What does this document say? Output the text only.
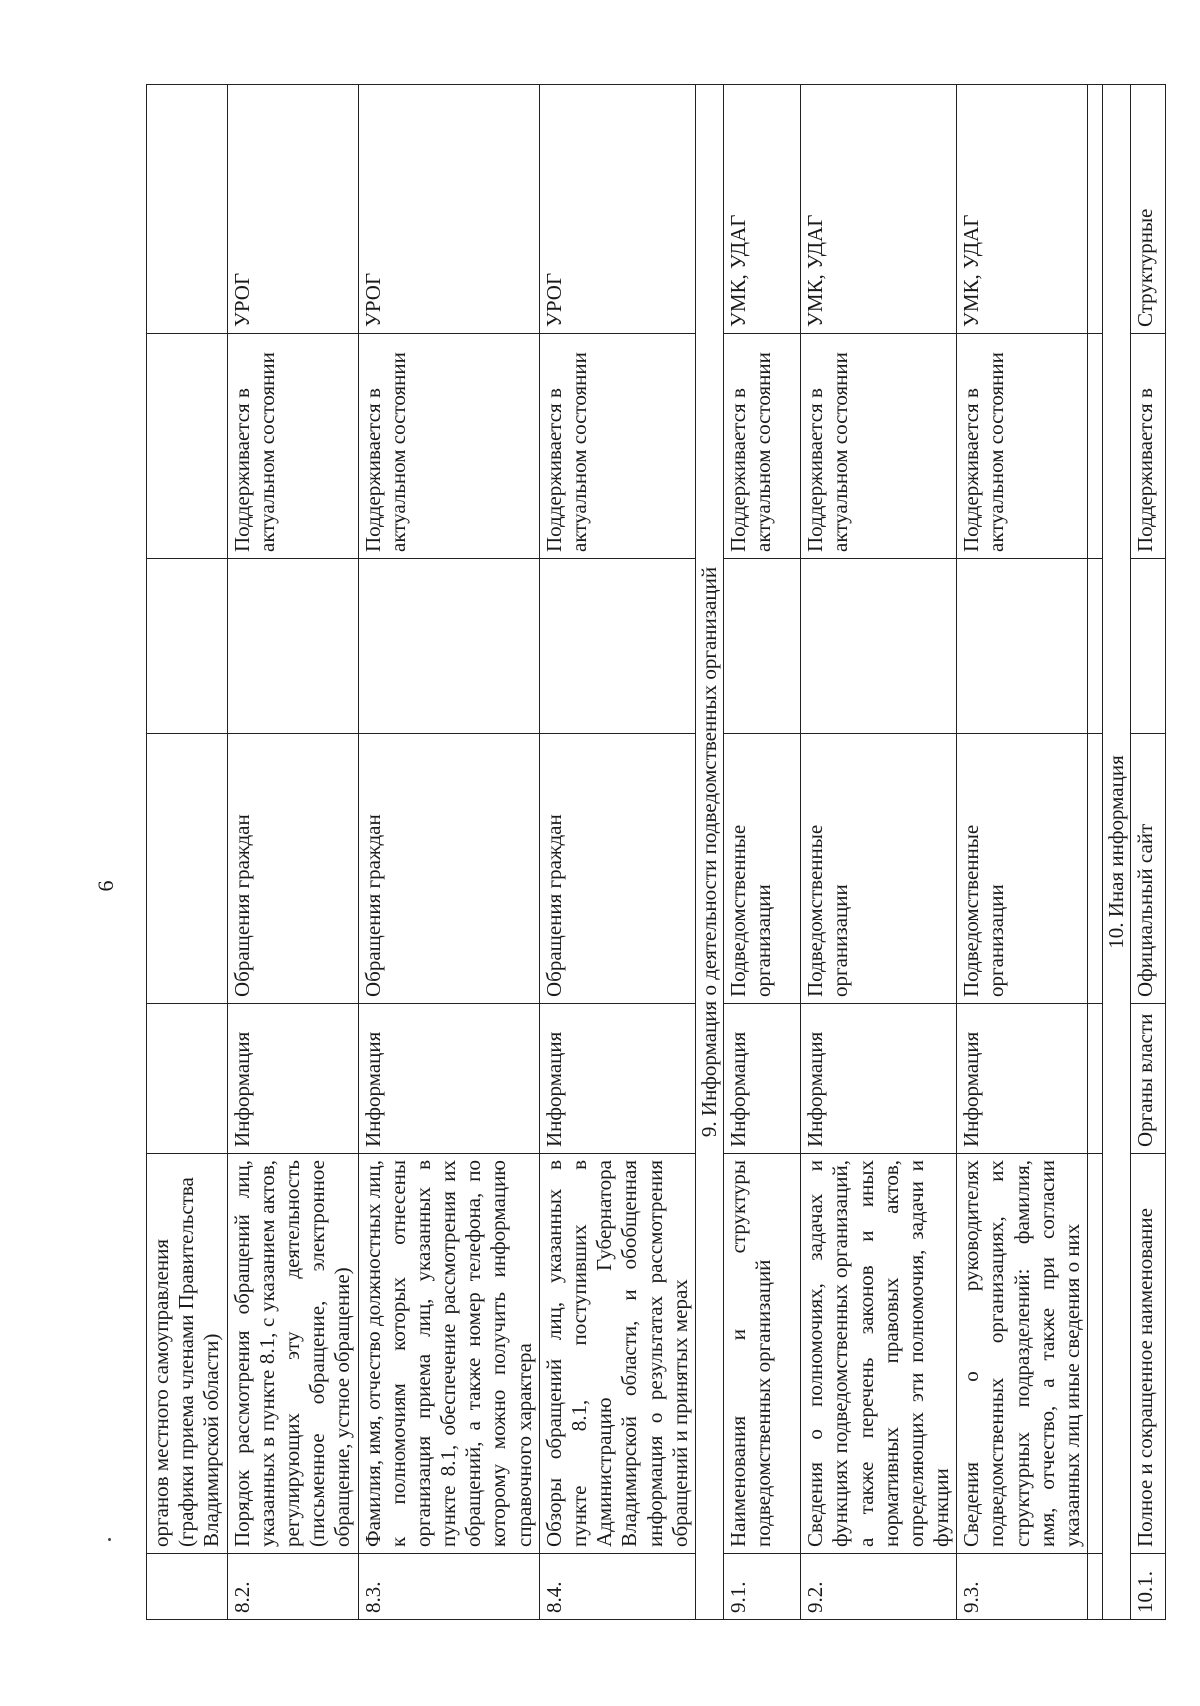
6
	органов местного самоуправления (графики приема членами Правительства Владимирской области)					
8.2.	Порядок рассмотрения обращений лиц, указанных в пункте 8.1, с указанием актов, регулирующих эту деятельность (письменное обращение, электронное обращение, устное обращение)	Информация	Обращения граждан		Поддерживается в актуальном состоянии	УРОГ
8.3.	Фамилия, имя, отчество должностных лиц, к полномочиям которых отнесены организация приема лиц, указанных в пункте 8.1, обеспечение рассмотрения их обращений, а также номер телефона, по которому можно получить информацию справочного характера	Информация	Обращения граждан		Поддерживается в актуальном состоянии	УРОГ
8.4.	Обзоры обращений лиц, указанных в пункте 8.1, поступивших в Администрацию Губернатора Владимирской области, и обобщенная информация о результатах рассмотрения обращений и принятых мерах	Информация	Обращения граждан		Поддерживается в актуальном состоянии	УРОГ
9. Информация о деятельности подведомственных организаций						
9.1.	Наименования и структуры подведомственных организаций	Информация	Подведомственные организации		Поддерживается в актуальном состоянии	УМК, УДАГ
9.2.	Сведения о полномочиях, задачах и функциях подведомственных организаций, а также перечень законов и иных нормативных правовых актов, определяющих эти полномочия, задачи и функции	Информация	Подведомственные организации		Поддерживается в актуальном состоянии	УМК, УДАГ
9.3.	Сведения о руководителях подведомственных организациях, их структурных подразделений: фамилия, имя, отчество, а также при согласии указанных лиц иные сведения о них	Информация	Подведомственные организации		Поддерживается в актуальном состоянии	УМК, УДАГ

10. Иная информация						
10.1.	Полное и сокращенное наименование	Органы власти	Официальный сайт		Поддерживается в	Структурные
